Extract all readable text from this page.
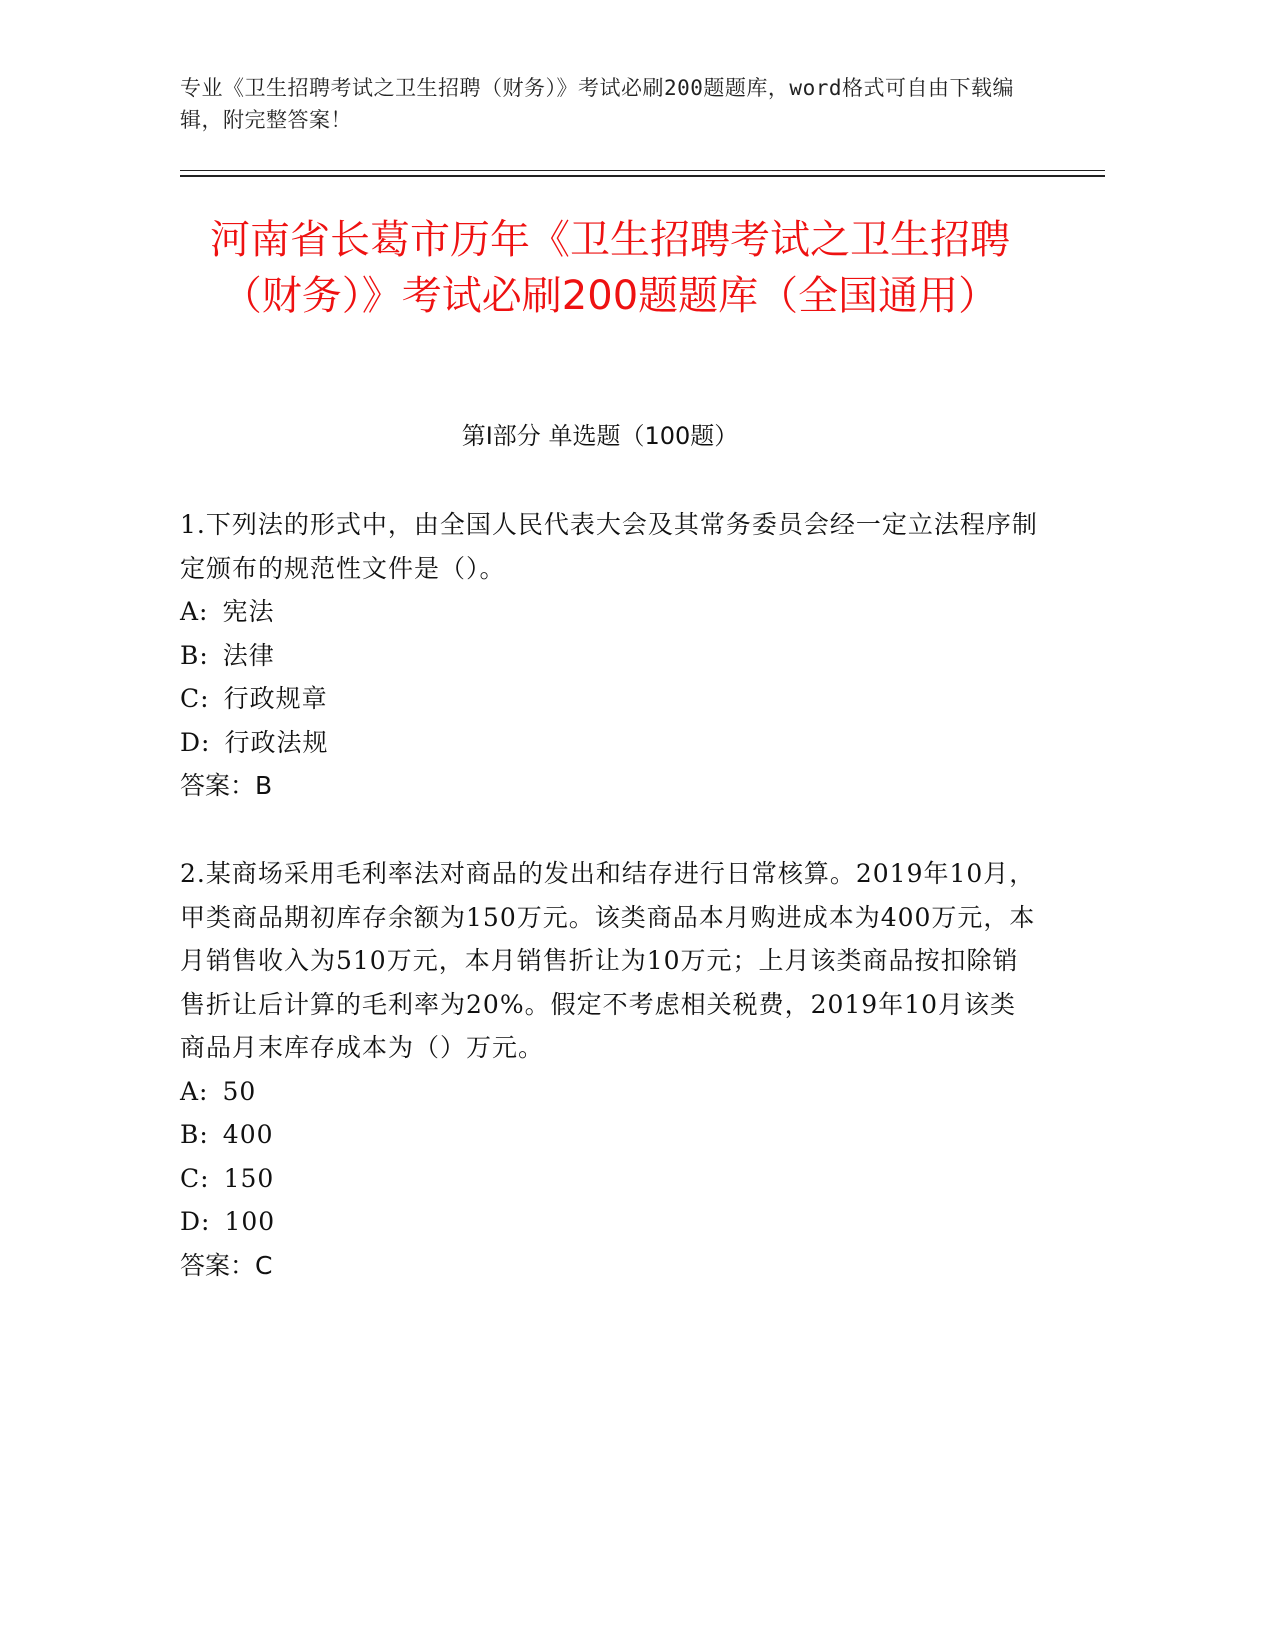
专业《卫生招聘考试之卫生招聘（财务）》考试必刷200题题库，word格式可自由下载编辑，附完整答案！
河南省长葛市历年《卫生招聘考试之卫生招聘（财务）》考试必刷200题题库（全国通用）
第I部分 单选题（100题）

1.下列法的形式中，由全国人民代表大会及其常务委员会经一定立法程序制定颁布的规范性文件是（）。

A: 宪法
B: 法律
C: 行政规章
D: 行政法规
答案：B

2.某商场采用毛利率法对商品的发出和结存进行日常核算。2019年10月，甲类商品期初库存余额为150万元。该类商品本月购进成本为400万元，本月销售收入为510万元，本月销售折让为10万元；上月该类商品按扣除销售折让后计算的毛利率为20%。假定不考虑相关税费，2019年10月该类商品月末库存成本为（）万元。

A: 50
B: 400
C: 150
D: 100
答案：C
